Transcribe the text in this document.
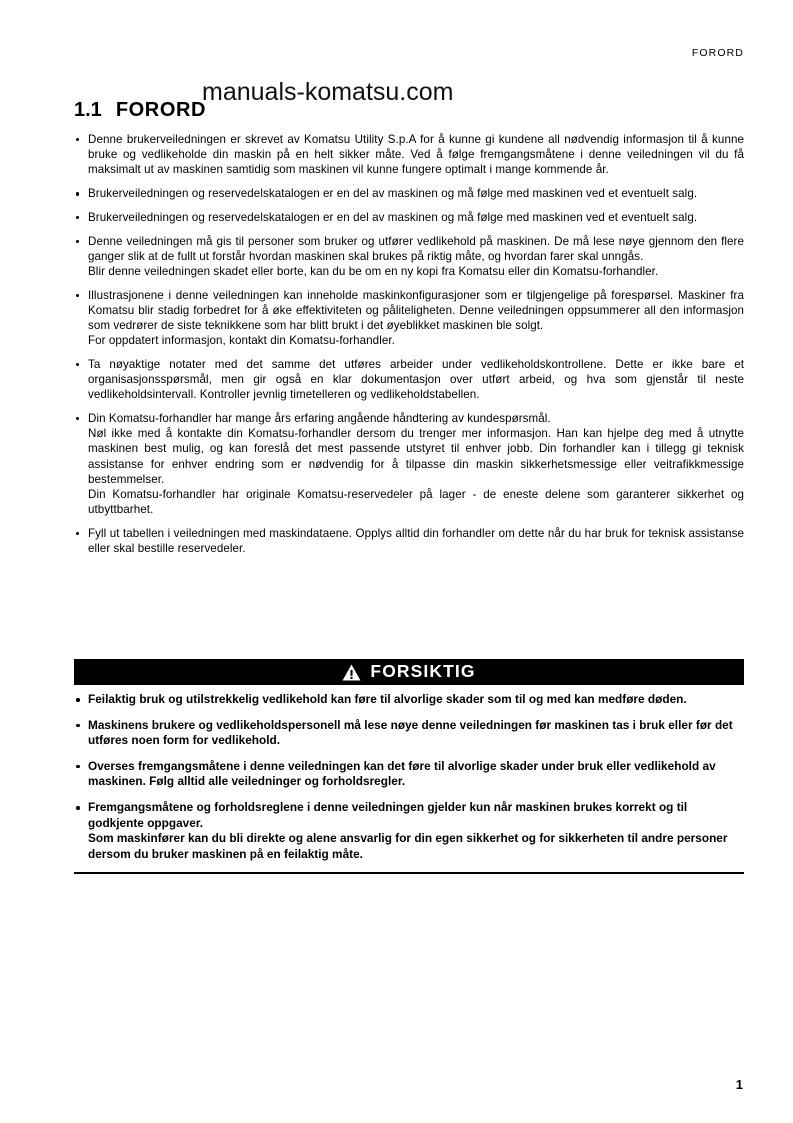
FORORD
1.1 FORORD
manuals-komatsu.com

Denne brukerveiledningen er skrevet av Komatsu Utility S.p.A for å kunne gi kundene all nødvendig informasjon til å kunne bruke og vedlikeholde din maskin på en helt sikker måte. Ved å følge fremgangsmåtene i denne veiledningen vil du få maksimalt ut av maskinen samtidig som maskinen vil kunne fungere optimalt i mange kommende år.

Brukerveiledningen og reservedelskatalogen er en del av maskinen og må følge med maskinen ved et eventuelt salg.

Brukerveiledningen og reservedelskatalogen er en del av maskinen og må følge med maskinen ved et eventuelt salg.

Denne veiledningen må gis til personer som bruker og utfører vedlikehold på maskinen. De må lese nøye gjennom den flere ganger slik at de fullt ut forstår hvordan maskinen skal brukes på riktig måte, og hvordan farer skal unngås.

Blir denne veiledningen skadet eller borte, kan du be om en ny kopi fra Komatsu eller din Komatsu-forhandler.

Illustrasjonene i denne veiledningen kan inneholde maskinkonfigurasjoner som er tilgjengelige på forespørsel. Maskiner fra Komatsu blir stadig forbedret for å øke effektiviteten og påliteligheten. Denne veiledningen oppsummerer all den informasjon som vedrører de siste teknikkene som har blitt brukt i det øyeblikket maskinen ble solgt.

For oppdatert informasjon, kontakt din Komatsu-forhandler.

Ta nøyaktige notater med det samme det utføres arbeider under vedlikeholdskontrollene. Dette er ikke bare et organisasjonsspørsmål, men gir også en klar dokumentasjon over utført arbeid, og hva som gjenstår til neste vedlikeholdsintervall. Kontroller jevnlig timetelleren og vedlikeholdstabellen.

Din Komatsu-forhandler har mange års erfaring angående håndtering av kundespørsmål.

Nøl ikke med å kontakte din Komatsu-forhandler dersom du trenger mer informasjon. Han kan hjelpe deg med å utnytte maskinen best mulig, og kan foreslå det mest passende utstyret til enhver jobb. Din forhandler kan i tillegg gi teknisk assistanse for enhver endring som er nødvendig for å tilpasse din maskin sikkerhetsmessige eller veitrafikkmessige bestemmelser.

Din Komatsu-forhandler har originale Komatsu-reservedeler på lager - de eneste delene som garanterer sikkerhet og utbyttbarhet.

Fyll ut tabellen i veiledningen med maskindataene. Opplys alltid din forhandler om dette når du har bruk for teknisk assistanse eller skal bestille reservedeler.

FORSIKTIG

Feilaktig bruk og utilstrekkelig vedlikehold kan føre til alvorlige skader som til og med kan medføre døden.

Maskinens brukere og vedlikeholdspersonell må lese nøye denne veiledningen før maskinen tas i bruk eller før det utføres noen form for vedlikehold.

Overses fremgangsmåtene i denne veiledningen kan det føre til alvorlige skader under bruk eller vedlikehold av maskinen. Følg alltid alle veiledninger og forholdsregler.

Fremgangsmåtene og forholdsreglene i denne veiledningen gjelder kun når maskinen brukes korrekt og til godkjente oppgaver.

Som maskinfører kan du bli direkte og alene ansvarlig for din egen sikkerhet og for sikkerheten til andre personer dersom du bruker maskinen på en feilaktig måte.

1
